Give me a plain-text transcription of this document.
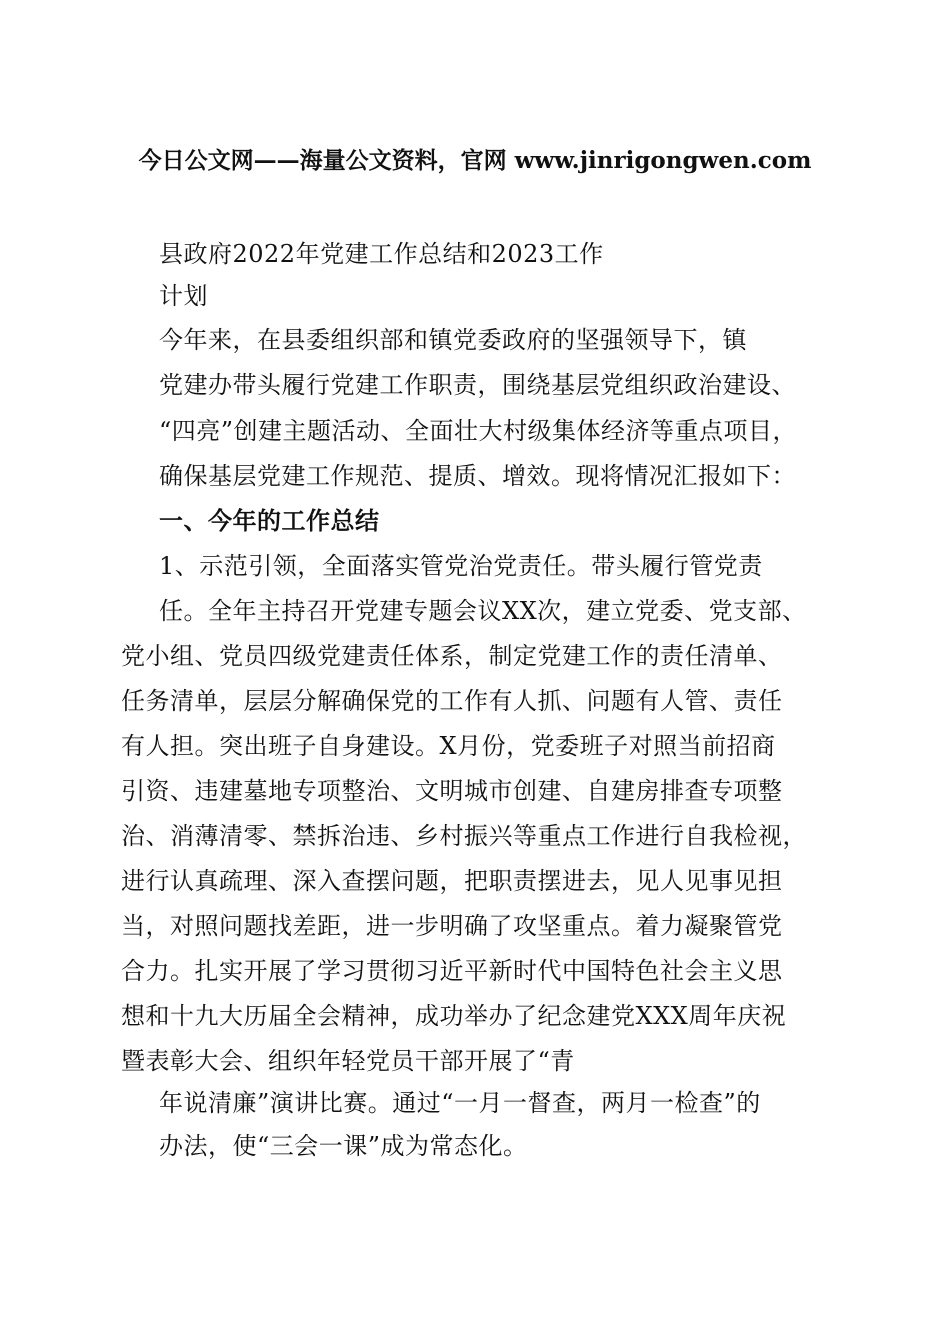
今日公文网——海量公文资料，官网 www.jinrigongwen.com
县政府2022年党建工作总结和2023工作
计划
今年来，在县委组织部和镇党委政府的坚强领导下，镇
党建办带头履行党建工作职责，围绕基层党组织政治建设、
“四亮”创建主题活动、全面壮大村级集体经济等重点项目，
确保基层党建工作规范、提质、增效。现将情况汇报如下：
一、今年的工作总结
1、示范引领，全面落实管党治党责任。带头履行管党责
任。全年主持召开党建专题会议XX次，建立党委、党支部、
党小组、党员四级党建责任体系，制定党建工作的责任清单、
任务清单，层层分解确保党的工作有人抓、问题有人管、责任
有人担。突出班子自身建设。X月份，党委班子对照当前招商
引资、违建墓地专项整治、文明城市创建、自建房排查专项整
治、消薄清零、禁拆治违、乡村振兴等重点工作进行自我检视，
进行认真疏理、深入查摆问题，把职责摆进去，见人见事见担
当，对照问题找差距，进一步明确了攻坚重点。着力凝聚管党
合力。扎实开展了学习贯彻习近平新时代中国特色社会主义思
想和十九大历届全会精神，成功举办了纪念建党XXX周年庆祝
暨表彰大会、组织年轻党员干部开展了“青
年说清廉”演讲比赛。通过“一月一督查，两月一检查”的
办法，使“三会一课”成为常态化。
